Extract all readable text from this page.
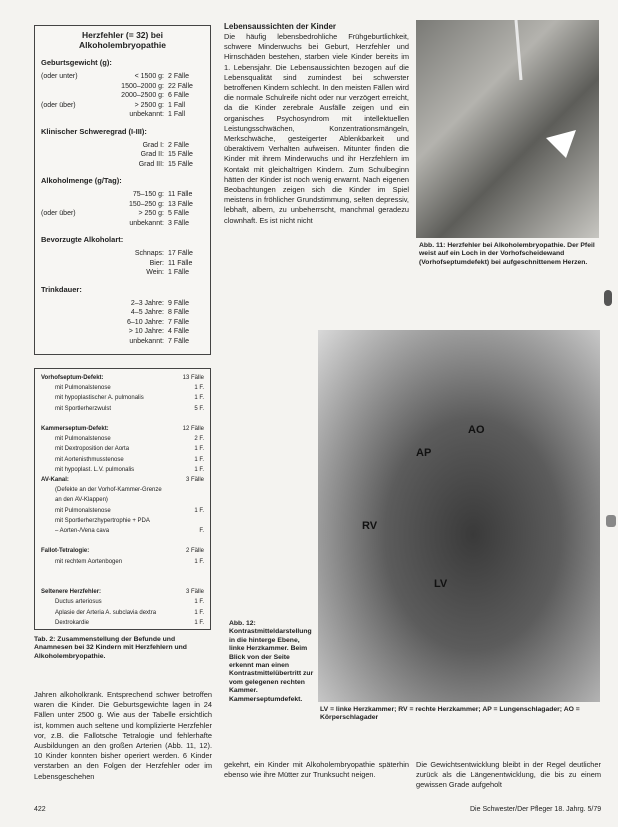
Herzfehler (= 32) bei
Alkoholembryopathie
Geburtsgewicht (g):
(oder unter)	< 1500 g: 2 Fälle
1500–2000 g: 22 Fälle
2000–2500 g: 6 Fälle
(oder über)	> 2500 g: 1 Fall
unbekannt: 1 Fall
Klinischer Schweregrad (I-III):
Grad I: 2 Fälle
Grad II: 15 Fälle
Grad III: 15 Fälle
Alkoholmenge (g/Tag):
75–150 g: 11 Fälle
150–250 g: 13 Fälle
(oder über)	> 250 g: 5 Fälle
unbekannt: 3 Fälle
Bevorzugte Alkoholart:
Schnaps: 17 Fälle
Bier: 11 Fälle
Wein: 1 Fälle
Trinkdauer:
2–3 Jahre: 9 Fälle
4–5 Jahre: 8 Fälle
6–10 Jahre: 7 Fälle
> 10 Jahre: 4 Fälle
unbekannt: 7 Fälle
Vorhofseptum-Defekt:	13 Fälle
mit Pulmonalstenose	1 F.
mit hypoplastischer A. pulmonalis	1 F.
mit Sportlerherzwulst	5 F.
Kammerseptum-Defekt:	12 Fälle
mit Pulmonalstenose	2 F.
mit Dextroposition der Aorta	1 F.
mit Aortenisthmusstenose	1 F.
mit hypoplast. L.V. pulmonalis	1 F.
AV-Kanal:	3 Fälle
(Defekte an der Vorhof-Kammer-Grenze
an den AV-Klappen)
mit Pulmonalstenose	1 F.
mit Sportlerherzhypertrophie + PDA
– Aorten-/Vena cava	F.
Fallot-Tetralogie:	2 Fälle
mit rechtem Aortenbogen	1 F.
Seltenere Herzfehler:	3 Fälle
Ductus arteriosus	1 F.
Aplasie der Arteria A. subclavia dextra	1 F.
Dextrokardie	1 F.
Tab. 2: Zusammenstellung der Befunde und Anamnesen bei 32 Kindern mit Herzfehlern und Alkoholembryopathie.
Lebensaussichten der Kinder
Die häufig lebensbedrohliche Frühgeburtlichkeit, schwere Minderwuchs bei Geburt, Herzfehler und Hirnschäden bestehen, starben viele Kinder bereits im 1. Lebensjahr. Die Lebensaussichten bezogen auf die Lebensqualität sind zumindest bei schwerster betroffenen Kindern schlecht. In den meisten Fällen wird die normale Schulreife nicht oder nur verzögert erreicht, da die Kinder zerebrale Ausfälle zeigen und ein organisches Psychosyndrom mit intellektuellen Leistungsschwächen, Konzentrationsmängeln, Merkschwäche, gesteigerter Ablenkbarkeit und überaktivem Verhalten aufweisen. Mitunter finden die Kinder mit ihrem Minderwuchs und ihr Herzfehlern im Kontakt mit gleichaltrigen Kindern. Zum Schulbeginn hätten der Kinder ist noch wenig erwarnt. Nach eigenen Beobachtungen zeigen sich die Kinder im Spiel meistens in fröhlicher Grundstimmung, selten depressiv, lebhaft, albern, zu unbeherrscht, manchmal geradezu clownhaft. Es ist nicht nicht
Abb. 11: Herzfehler bei Alkoholembryopathie. Der Pfeil weist auf ein Loch in der Vorhofscheidewand (Vorhofseptumdefekt) bei aufgeschnittenem Herzen.
AO
AP
RV
LV
Abb. 12: Kontrastmitteldarstellung in die hinterge Ebene, linke Herzkammer. Beim Blick von der Seite erkennt man einen Kontrastmittelübertritt zur vom gelegenen rechten Kammer. Kammerseptumdefekt.
LV = linke Herzkammer; RV = rechte Herzkammer; AP = Lungenschlagader; AO = Körperschlagader
Jahren alkoholkrank. Entsprechend schwer betroffen waren die Kinder. Die Geburtsgewichte lagen in 24 Fällen unter 2500 g. Wie aus der Tabelle ersichtlich ist, kommen auch seltene und komplizierte Herzfehler vor, z.B. die Fallotsche Tetralogie und fehlerhafte Ausbildungen an den großen Arterien (Abb. 11, 12). 10 Kinder konnten bisher operiert werden. 6 Kinder verstarben an den Folgen der Herzfehler oder im Lebensgeschehen
gekehrt, ein Kinder mit Alkoholembryopathie späterhin ebenso wie ihre Mütter zur Trunksucht neigen.
Die Gewichtsentwicklung bleibt in der Regel deutlicher zurück als die Längenentwicklung, die bis zu einem gewissen Grade aufgeholt
422	Die Schwester/Der Pfleger 18. Jahrg. 5/79
